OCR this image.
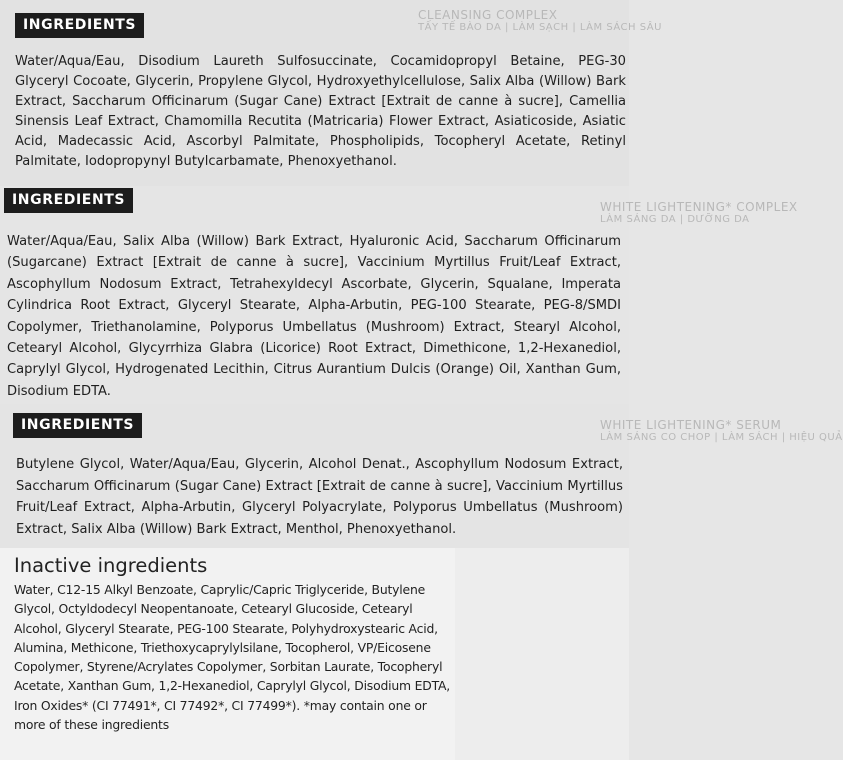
CLEANSING COMPLEX
TẤY TẾ BÀO DA | LÀM SẠCH | LÀM SÁCH SÂU
INGREDIENTS
Water/Aqua/Eau, Disodium Laureth Sulfosuccinate, Cocamidopropyl Betaine, PEG-30 Glyceryl Cocoate, Glycerin, Propylene Glycol, Hydroxyethylcellulose, Salix Alba (Willow) Bark Extract, Saccharum Officinarum (Sugar Cane) Extract [Extrait de canne à sucre], Camellia Sinensis Leaf Extract, Chamomilla Recutita (Matricaria) Flower Extract, Asiaticoside, Asiatic Acid, Madecassic Acid, Ascorbyl Palmitate, Phospholipids, Tocopheryl Acetate, Retinyl Palmitate, Iodopropynyl Butylcarbamate, Phenoxyethanol.
WHITE LIGHTENING* COMPLEX
LÀM SÁNG DA | DƯỠNG DA
INGREDIENTS
Water/Aqua/Eau, Salix Alba (Willow) Bark Extract, Hyaluronic Acid, Saccharum Officinarum (Sugarcane) Extract [Extrait de canne à sucre], Vaccinium Myrtillus Fruit/Leaf Extract, Ascophyllum Nodosum Extract, Tetrahexyldecyl Ascorbate, Glycerin, Squalane, Imperata Cylindrica Root Extract, Glyceryl Stearate, Alpha-Arbutin, PEG-100 Stearate, PEG-8/SMDI Copolymer, Triethanolamine, Polyporus Umbellatus (Mushroom) Extract, Stearyl Alcohol, Cetearyl Alcohol, Glycyrrhiza Glabra (Licorice) Root Extract, Dimethicone, 1,2-Hexanediol, Caprylyl Glycol, Hydrogenated Lecithin, Citrus Aurantium Dulcis (Orange) Oil, Xanthan Gum, Disodium EDTA.
WHITE LIGHTENING* SERUM
LÀM SÁNG CO CHOP | LÀM SÁCH | HIỆU QUẢ
INGREDIENTS
Butylene Glycol, Water/Aqua/Eau, Glycerin, Alcohol Denat., Ascophyllum Nodosum Extract, Saccharum Officinarum (Sugar Cane) Extract [Extrait de canne à sucre], Vaccinium Myrtillus Fruit/Leaf Extract, Alpha-Arbutin, Glyceryl Polyacrylate, Polyporus Umbellatus (Mushroom) Extract, Salix Alba (Willow) Bark Extract, Menthol, Phenoxyethanol.
Inactive ingredients
Water, C12-15 Alkyl Benzoate, Caprylic/Capric Triglyceride, Butylene Glycol, Octyldodecyl Neopentanoate, Cetearyl Glucoside, Cetearyl Alcohol, Glyceryl Stearate, PEG-100 Stearate, Polyhydroxystearic Acid, Alumina, Methicone, Triethoxycaprylylsilane, Tocopherol, VP/Eicosene Copolymer, Styrene/Acrylates Copolymer, Sorbitan Laurate, Tocopheryl Acetate, Xanthan Gum, 1,2-Hexanediol, Caprylyl Glycol, Disodium EDTA, Iron Oxides* (CI 77491*, CI 77492*, CI 77499*). *may contain one or more of these ingredients
